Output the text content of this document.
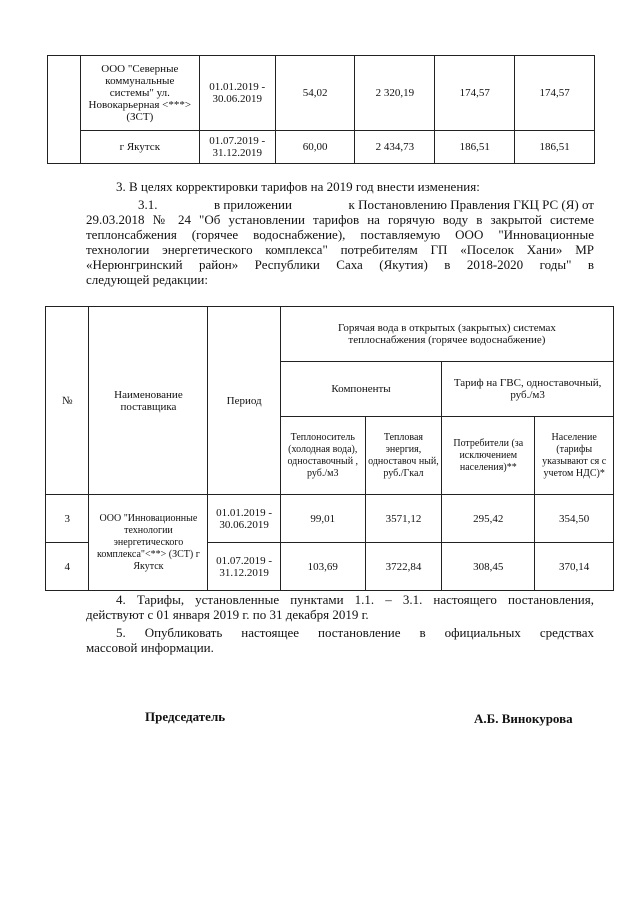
	ООО "Северные коммунальные системы" ул. Новокарьерная <***> (ЗСТ)	01.01.2019 - 30.06.2019	54,02	2 320,19	174,57	174,57
	г Якутск	01.07.2019 - 31.12.2019	60,00	2 434,73	186,51	186,51
3. В целях корректировки тарифов на 2019 год внести изменения:
3.1.	в приложении	к Постановлению Правления ГКЦ РС (Я) от
29.03.2018 № 24 "Об установлении тарифов на горячую воду в закрытой системе
теплонсабжения (горячее водоснабжение), поставляемую ООО "Инновационные
технологии энергетического комплекса" потребителям ГП «Поселок Хани» МР
«Нерюнгринский район» Республики Саха (Якутия) в 2018-2020 годы" в
следующей редакции:
№	Наименование поставщика	Период	Горячая вода в открытых (закрытых) системах теплоснабжения (горячее водоснабжение)			
			Компоненты		Тариф на ГВС, одноставочный, руб./м3	
			Теплоноситель (холодная вода), одноставочный , руб./м3	Тепловая энергия, одноставоч ный, руб./Гкал	Потребители (за исключением населения)**	Население (тарифы указывают ся с учетом НДС)*
3	ООО "Инновационные технологии энергетического комплекса"<**> (ЗСТ) г Якутск	01.01.2019 - 30.06.2019	99,01	3571,12	295,42	354,50
4		01.07.2019 - 31.12.2019	103,69	3722,84	308,45	370,14
4. Тарифы, установленные пунктами 1.1. – 3.1. настоящего постановления,
действуют с 01 января 2019 г. по 31 декабря 2019 г.
5. Опубликовать настоящее постановление в официальных средствах
массовой информации.
Председатель	А.Б. Винокурова
